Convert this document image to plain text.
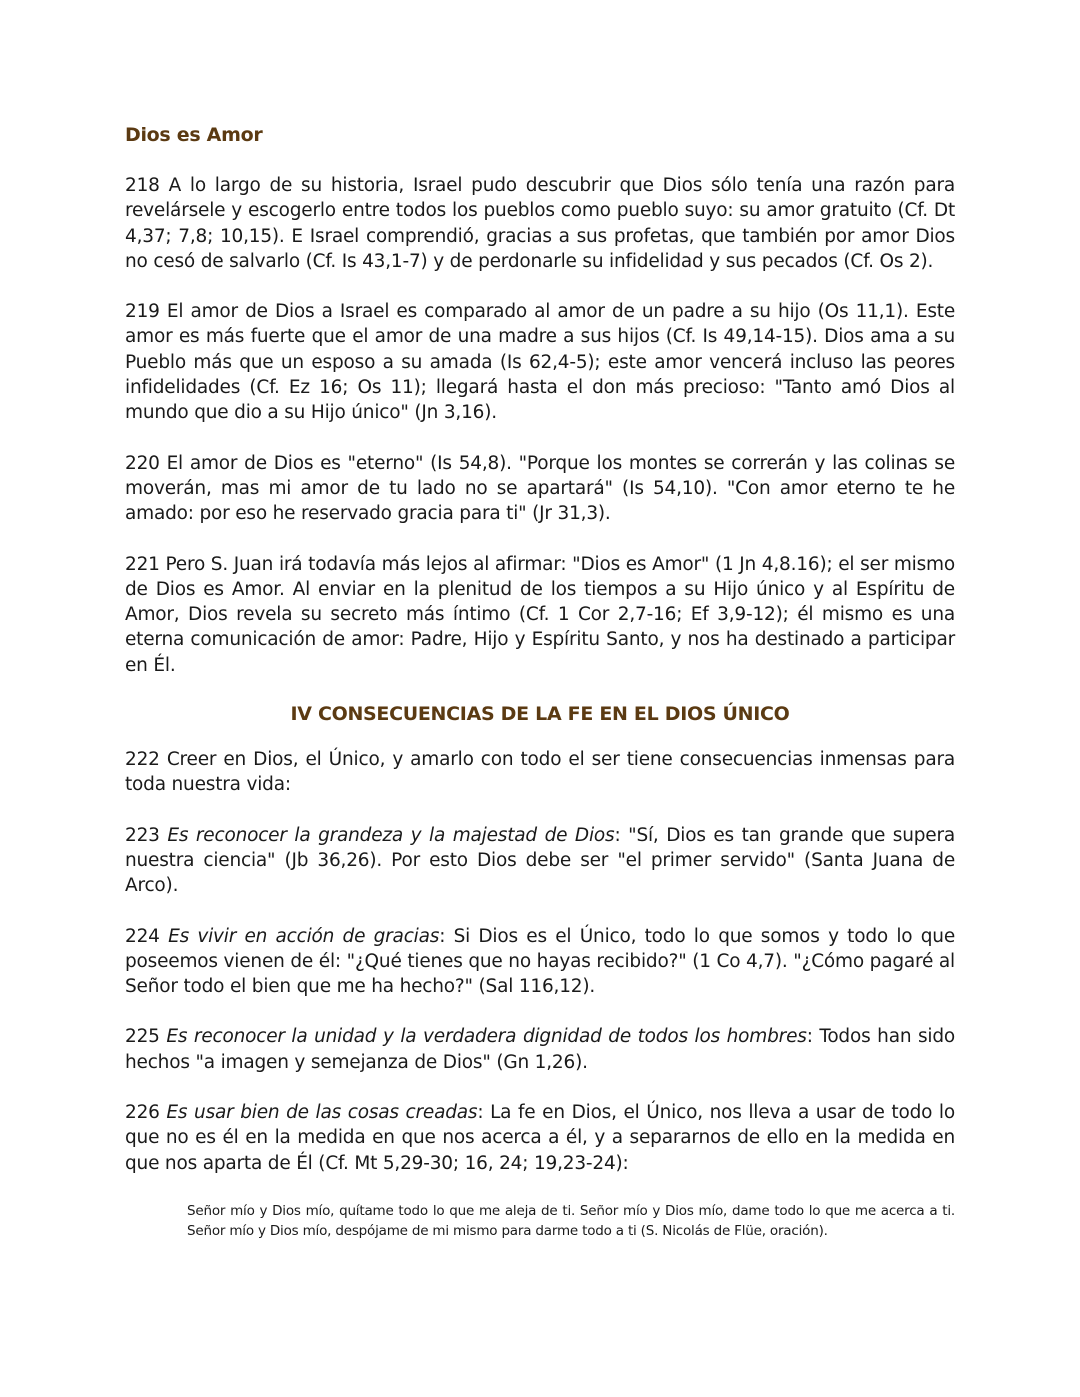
Dios es Amor

218 A lo largo de su historia, Israel pudo descubrir que Dios sólo tenía una razón para revelársele y escogerlo entre todos los pueblos como pueblo suyo: su amor gratuito (Cf. Dt 4,37; 7,8; 10,15). E Israel comprendió, gracias a sus profetas, que también por amor Dios no cesó de salvarlo (Cf. Is 43,1-7) y de perdonarle su infidelidad y sus pecados (Cf. Os 2).

219 El amor de Dios a Israel es comparado al amor de un padre a su hijo (Os 11,1). Este amor es más fuerte que el amor de una madre a sus hijos (Cf. Is 49,14-15). Dios ama a su Pueblo más que un esposo a su amada (Is 62,4-5); este amor vencerá incluso las peores infidelidades (Cf. Ez 16; Os 11); llegará hasta el don más precioso: "Tanto amó Dios al mundo que dio a su Hijo único" (Jn 3,16).

220 El amor de Dios es "eterno" (Is 54,8). "Porque los montes se correrán y las colinas se moverán, mas mi amor de tu lado no se apartará" (Is 54,10). "Con amor eterno te he amado: por eso he reservado gracia para ti" (Jr 31,3).

221 Pero S. Juan irá todavía más lejos al afirmar: "Dios es Amor" (1 Jn 4,8.16); el ser mismo de Dios es Amor. Al enviar en la plenitud de los tiempos a su Hijo único y al Espíritu de Amor, Dios revela su secreto más íntimo (Cf. 1 Cor 2,7-16; Ef 3,9-12); él mismo es una eterna comunicación de amor: Padre, Hijo y Espíritu Santo, y nos ha destinado a participar en Él.

IV CONSECUENCIAS DE LA FE EN EL DIOS ÚNICO

222 Creer en Dios, el Único, y amarlo con todo el ser tiene consecuencias inmensas para toda nuestra vida:

223 Es reconocer la grandeza y la majestad de Dios: "Sí, Dios es tan grande que supera nuestra ciencia" (Jb 36,26). Por esto Dios debe ser "el primer servido" (Santa Juana de Arco).

224 Es vivir en acción de gracias: Si Dios es el Único, todo lo que somos y todo lo que poseemos vienen de él: "¿Qué tienes que no hayas recibido?" (1 Co 4,7). "¿Cómo pagaré al Señor todo el bien que me ha hecho?" (Sal 116,12).

225 Es reconocer la unidad y la verdadera dignidad de todos los hombres: Todos han sido hechos "a imagen y semejanza de Dios" (Gn 1,26).

226 Es usar bien de las cosas creadas: La fe en Dios, el Único, nos lleva a usar de todo lo que no es él en la medida en que nos acerca a él, y a separarnos de ello en la medida en que nos aparta de Él (Cf. Mt 5,29-30; 16, 24; 19,23-24):

Señor mío y Dios mío, quítame todo lo que me aleja de ti. Señor mío y Dios mío, dame todo lo que me acerca a ti. Señor mío y Dios mío, despójame de mi mismo para darme todo a ti (S. Nicolás de Flüe, oración).
